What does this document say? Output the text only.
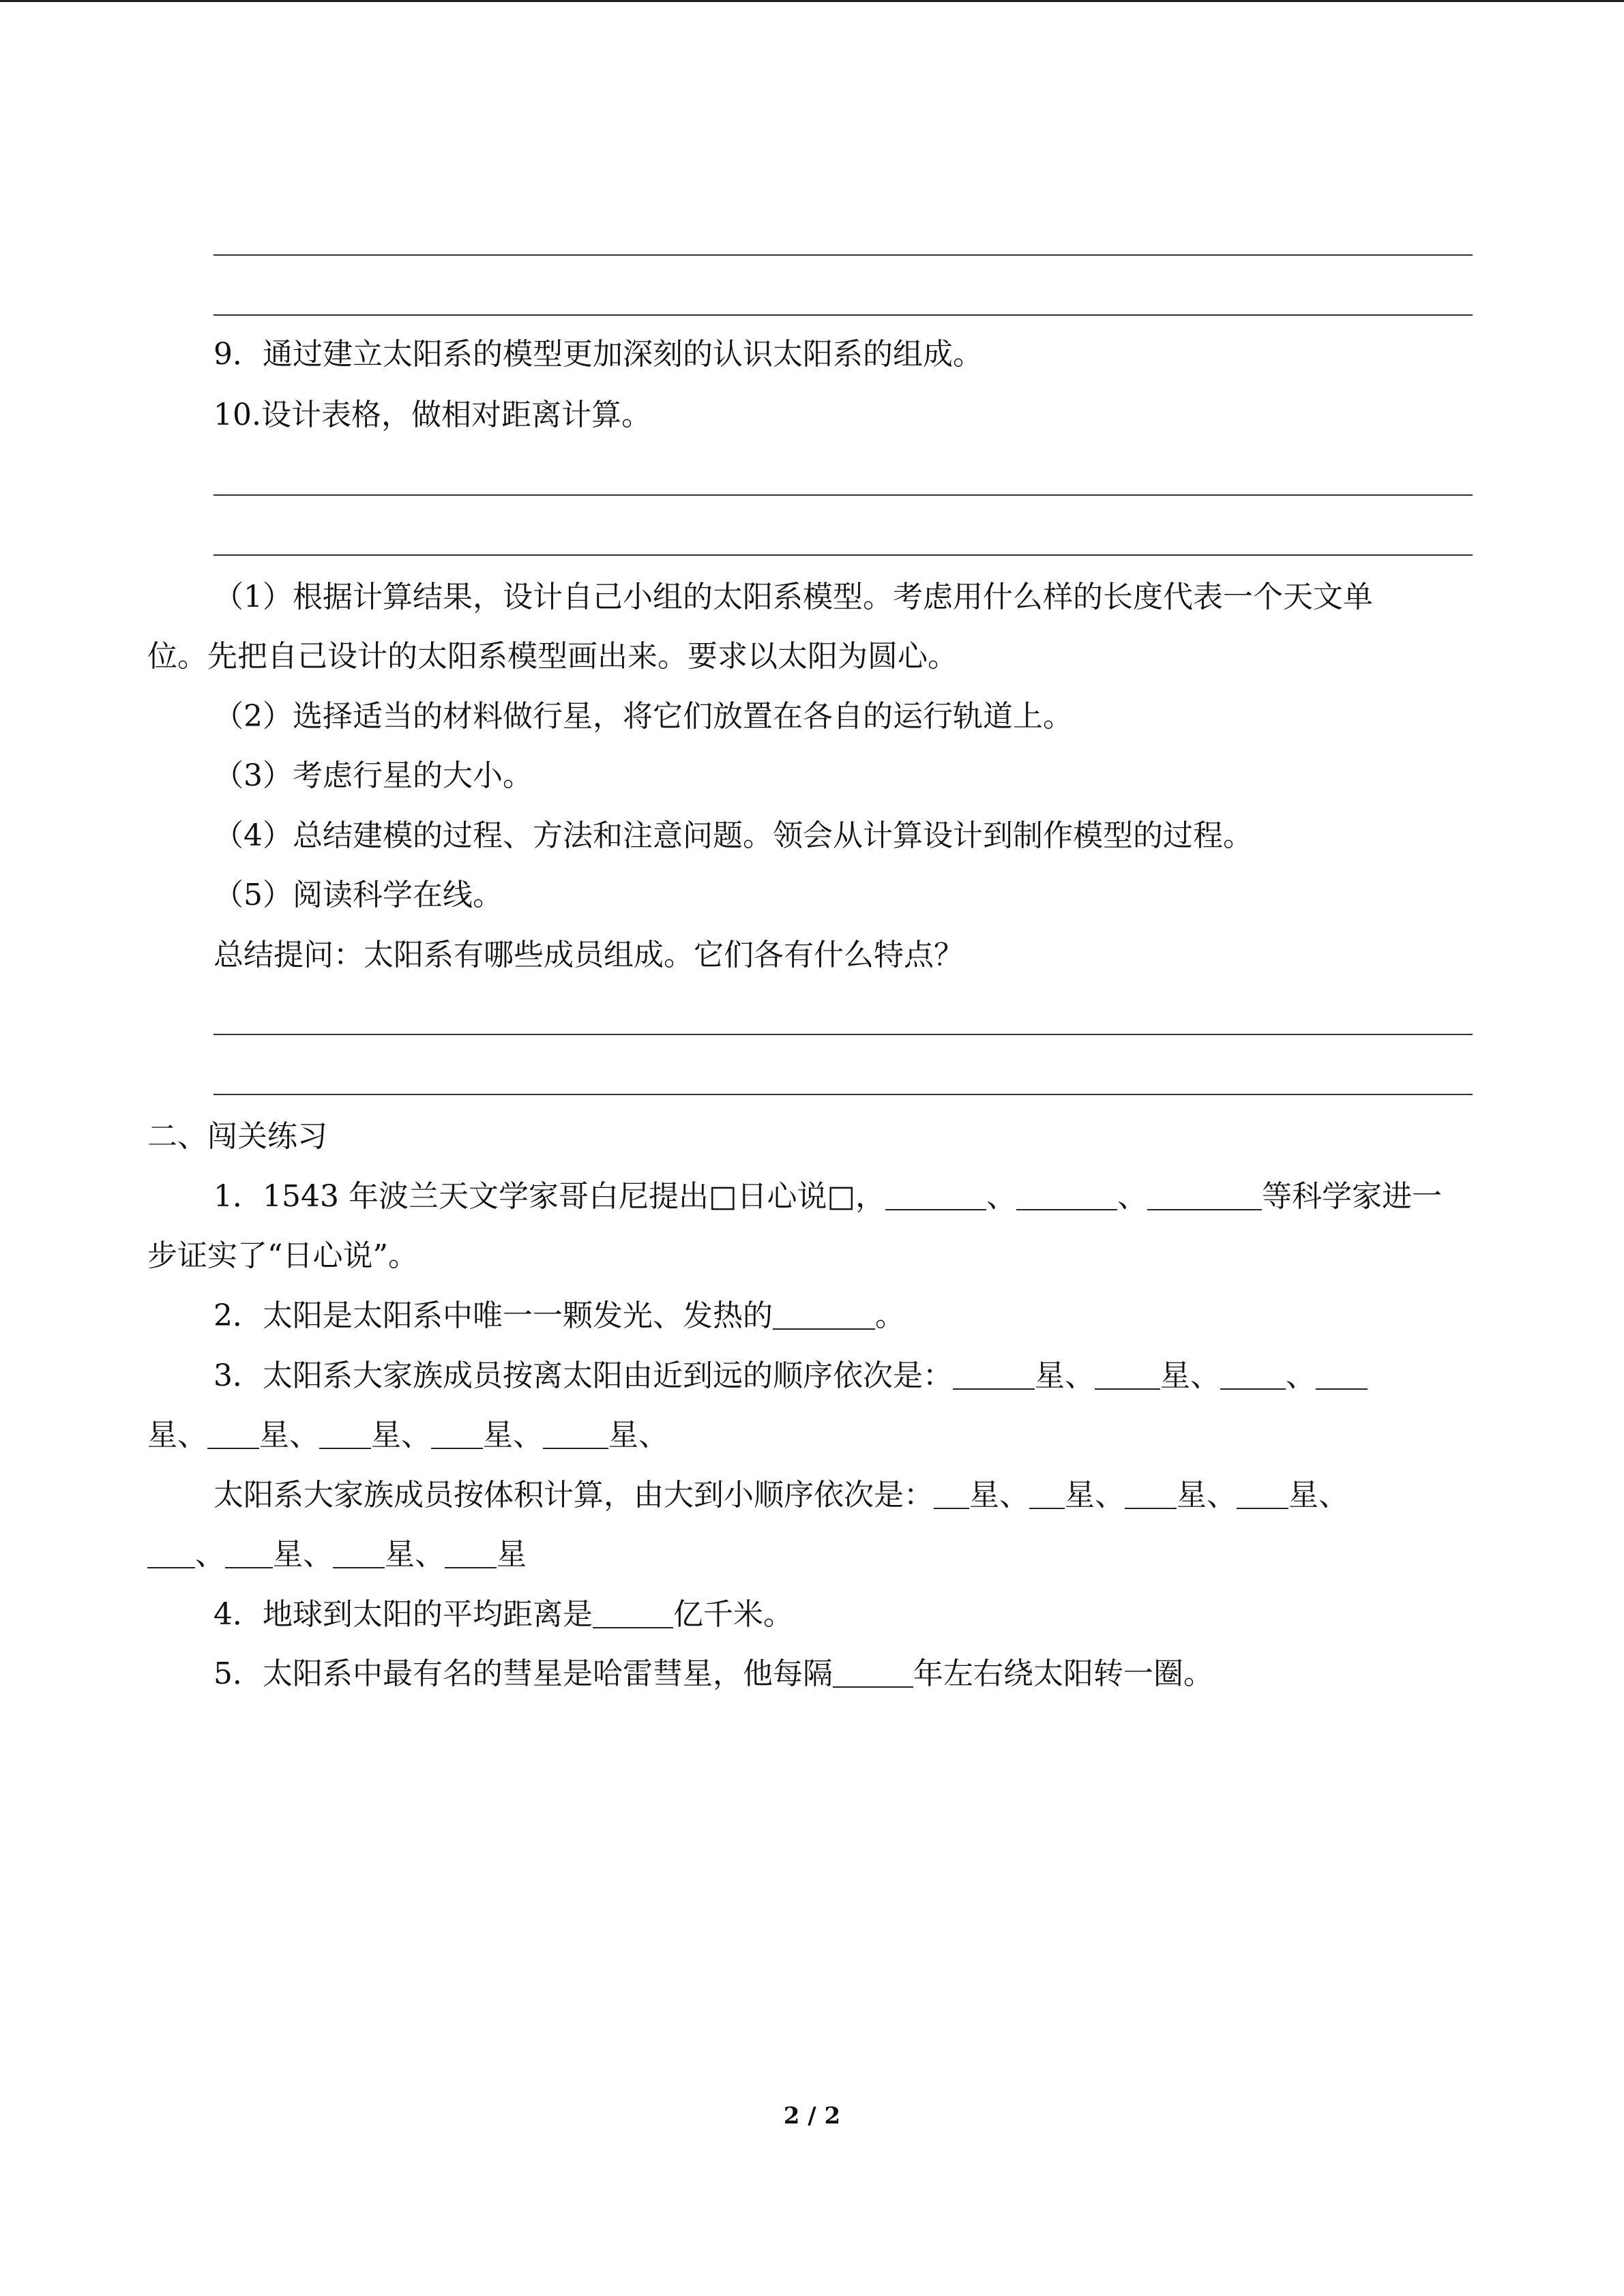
9．通过建立太阳系的模型更加深刻的认识太阳系的组成。
10.设计表格，做相对距离计算。
（1）根据计算结果，设计自己小组的太阳系模型。考虑用什么样的长度代表一个天文单
位。先把自己设计的太阳系模型画出来。要求以太阳为圆心。
（2）选择适当的材料做行星，将它们放置在各自的运行轨道上。
（3）考虑行星的大小。
（4）总结建模的过程、方法和注意问题。领会从计算设计到制作模型的过程。
（5）阅读科学在线。
总结提问：太阳系有哪些成员组成。它们各有什么特点？
二、闯关练习
1．1543 年波兰天文学家哥白尼提出□日心说□，	、	、	等科学家进一
步证实了“日心说”。
2．太阳是太阳系中唯一一颗发光、发热的	。
3．太阳系大家族成员按离太阳由近到远的顺序依次是：	星、 星、 、
星、 星、 星、 星、 星、
太阳系大家族成员按体积计算，由大到小顺序依次是： 星、 星、 星、 星、
、 星、 星、 星
4．地球到太阳的平均距离是	亿千米。
5．太阳系中最有名的彗星是哈雷彗星，他每隔	年左右绕太阳转一圈。
2 / 2
